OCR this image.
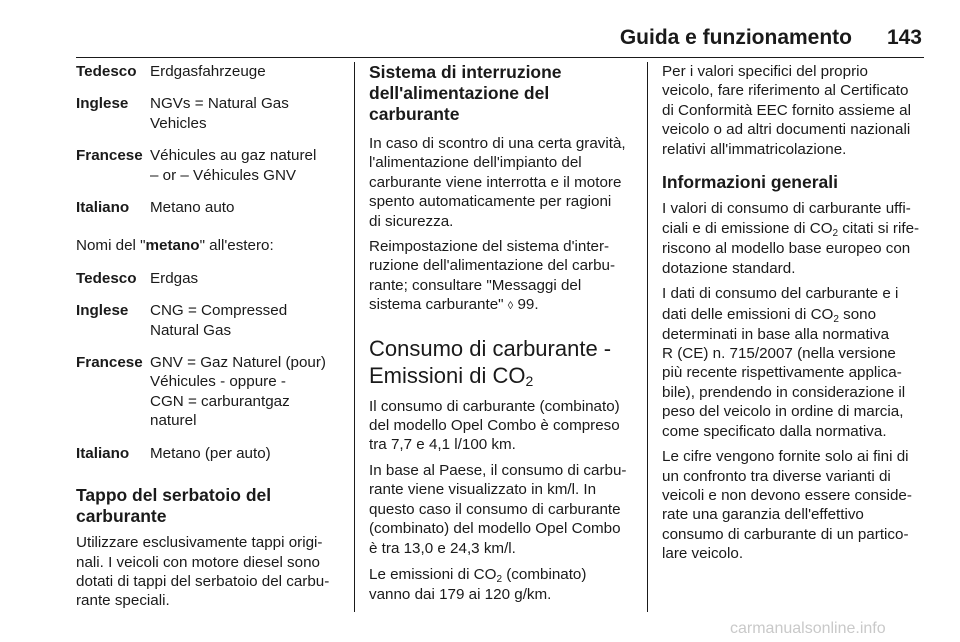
Guida e funzionamento 143
Tedesco	Erdgasfahrzeuge

Inglese	NGVs = Natural Gas
Vehicles

Francese	Véhicules au gaz naturel
– or – Véhicules GNV

Italiano	Metano auto
Nomi del "metano" all'estero:
Tedesco	Erdgas

Inglese	CNG = Compressed
Natural Gas

Francese	GNV = Gaz Naturel (pour)
Véhicules - oppure -
CGN = carburantgaz
naturel

Italiano	Metano (per auto)
Tappo del serbatoio del
carburante
Utilizzare esclusivamente tappi origi-
nali. I veicoli con motore diesel sono
dotati di tappi del serbatoio del carbu-
rante speciali.
Sistema di interruzione
dell'alimentazione del carburante
In caso di scontro di una certa gravità,
l'alimentazione dell'impianto del
carburante viene interrotta e il motore
spento automaticamente per ragioni
di sicurezza.
Reimpostazione del sistema d'inter-
ruzione dell'alimentazione del carbu-
rante; consultare "Messaggi del
sistema carburante" ◊ 99.
Consumo di carburante -
Emissioni di $CO_2$
Il consumo di carburante (combinato)
del modello Opel Combo è compreso
tra 7,7 e 4,1 l/100 km.
In base al Paese, il consumo di carbu-
rante viene visualizzato in km/l. In
questo caso il consumo di carburante
(combinato) del modello Opel Combo
è tra 13,0 e 24,3 km/l.
Le emissioni di $CO_2$ (combinato)
vanno dai 179 ai 120 g/km.
Per i valori specifici del proprio
veicolo, fare riferimento al Certificato
di Conformità EEC fornito assieme al
veicolo o ad altri documenti nazionali
relativi all'immatricolazione.
Informazioni generali
I valori di consumo di carburante uffi-
ciali e di emissione di $CO_2$ citati si rife-
riscono al modello base europeo con
dotazione standard.
I dati di consumo del carburante e i
dati delle emissioni di $CO_2$ sono
determinati in base alla normativa
R (CE) n. 715/2007 (nella versione
più recente rispettivamente applica-
bile), prendendo in considerazione il
peso del veicolo in ordine di marcia,
come specificato dalla normativa.
Le cifre vengono fornite solo ai fini di
un confronto tra diverse varianti di
veicoli e non devono essere conside-
rate una garanzia dell'effettivo
consumo di carburante di un partico-
lare veicolo.
carmanualsonline.info
